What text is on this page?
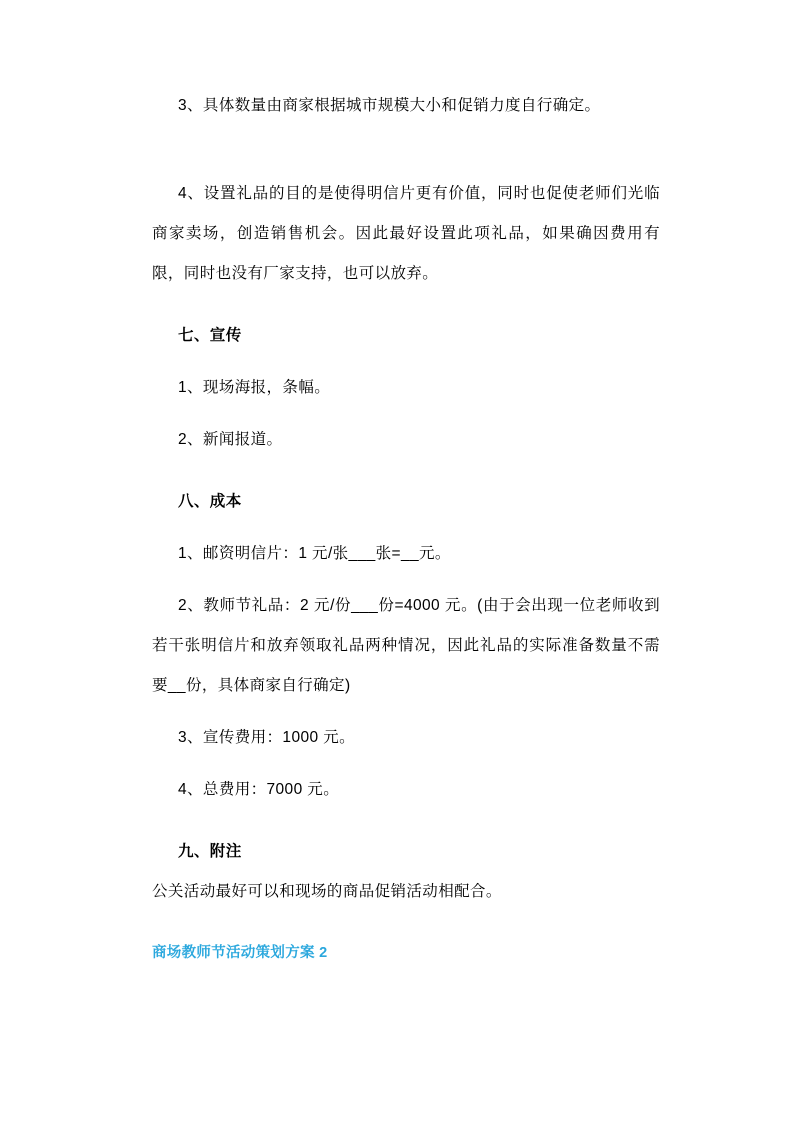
3、具体数量由商家根据城市规模大小和促销力度自行确定。

4、设置礼品的目的是使得明信片更有价值，同时也促使老师们光临商家卖场，创造销售机会。因此最好设置此项礼品，如果确因费用有限，同时也没有厂家支持，也可以放弃。

七、宣传

1、现场海报，条幅。

2、新闻报道。

八、成本

1、邮资明信片：1 元/张___张=__元。

2、教师节礼品：2 元/份___份=4000 元。(由于会出现一位老师收到若干张明信片和放弃领取礼品两种情况，因此礼品的实际准备数量不需要__份，具体商家自行确定)

3、宣传费用：1000 元。

4、总费用：7000 元。

九、附注

公关活动最好可以和现场的商品促销活动相配合。

商场教师节活动策划方案 2
